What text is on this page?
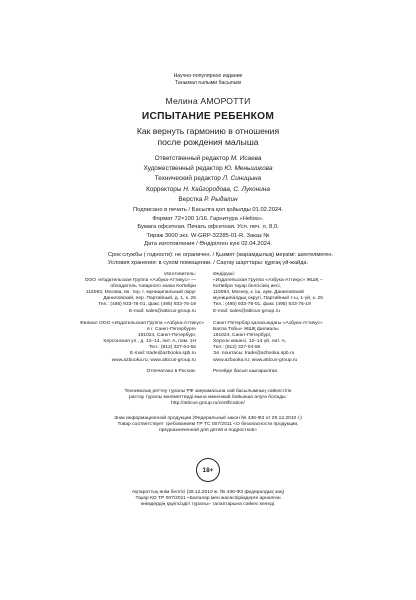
Научно-популярное издание
Танымал ғылыми басылым
Мелина АМОРОТТИ
ИСПЫТАНИЕ РЕБЕНКОМ
Как вернуть гармонию в отношения
после рождения малыша
Ответственный редактор М. Исаева
Художественный редактор Ю. Меньшикова
Технический редактор Л. Синицына
Корректоры Н. Кайгородова, С. Луконина
Верстка Р. Рыдалин
Подписано в печать / Басылға қол қойылды 01.02.2024.
Формат 72×100 1/16. Гарнитура «Helios».
Бумага офсетная. Печать офсетная. Усл. печ. л. 8,0.
Тираж 3000 экз. W-GRP-32285-01-R. Заказ №
Дата изготовления / Өндірілген күні 02.04.2024.
Срок службы ( годности): не ограничен. / Қызмет (жарамдылық) мерзімі: шектелмеген.
Условия хранения: в сухом помещении. / Сақтау шарттары: құрғақ үй-жайда.
Изготовитель:
ООО «Издательская Группа «Азбука-Аттикус» —
обладатель товарного знака КоЛибри
115093, Москва, вн. тер. г. муниципальный округ
Даниловский, пер. Партийный, д. 1, к. 25
Тел.: (495) 933-76-01, факс (495) 933-76-19
E-mail: sales@atticus-group.ru
Өндіруші:
«Издательская Группа «Азбука-Аттикус» ЖШҚ –
КоЛибри тауар белгісінің иесі,
115093, Мәскеу, к. іш. аум. Даниловский
муниципалдық округі, Партийный т-ы, 1-үй, к. 25
Тел.: (495) 933-76-01, факс (495) 933-76-19
E-mail: sales@atticus-group.ru
Филиал ООО «Издательская Группа «Азбука-Аттикус»
в г. Санкт-Петербурге
191024, Санкт-Петербург,
Херсонская ул., д. 12–14, лит. А, пом. 1Н
Тел.: (812) 327-04-55
E-mail: trade@azbooka.spb.ru
www.azbooka.ru; www.atticus-group.ru
Санкт-Петербор қаласындағы «Азбука-Аттикус»
Баспа Тобы» ЖШҚ филиалы
191024, Санкт-Петербург,
Херсон көшесі, 12–14 үй, лит. А,
Тел.: (812) 327-04-55
Эл. поштасы: trade@azbooka.spb.ru
www.azbooka.ru; www.atticus-group.ru
Отпечатано в России.	Ресейде басып шығарылған.
Техникалық реттеу туралы РФ заңнамасына сай басылымның сәйкестігін
растау туралы мәліметтерді мына мекенжай бойынша алуға болады:
http://atticus-group.ru/certification/
Знак информационной продукции (Федеральный закон № 436-ФЗ от 29.12.2010 г.)
Товар соответствует требованиям ТР ТС 007/2011 «О безопасности продукции,
предназначенной для детей и подростков»
18+
Ақпараттық өнім белгісі (29.12.2010 ж. № 436-ФЗ федералдық заң)
Тауар КО ТР 007/2011 «Балалар мен жасөспірімдерге арналған
өнімдердің қауіпсіздігі туралы» талаптарына сәйкес келеді.
